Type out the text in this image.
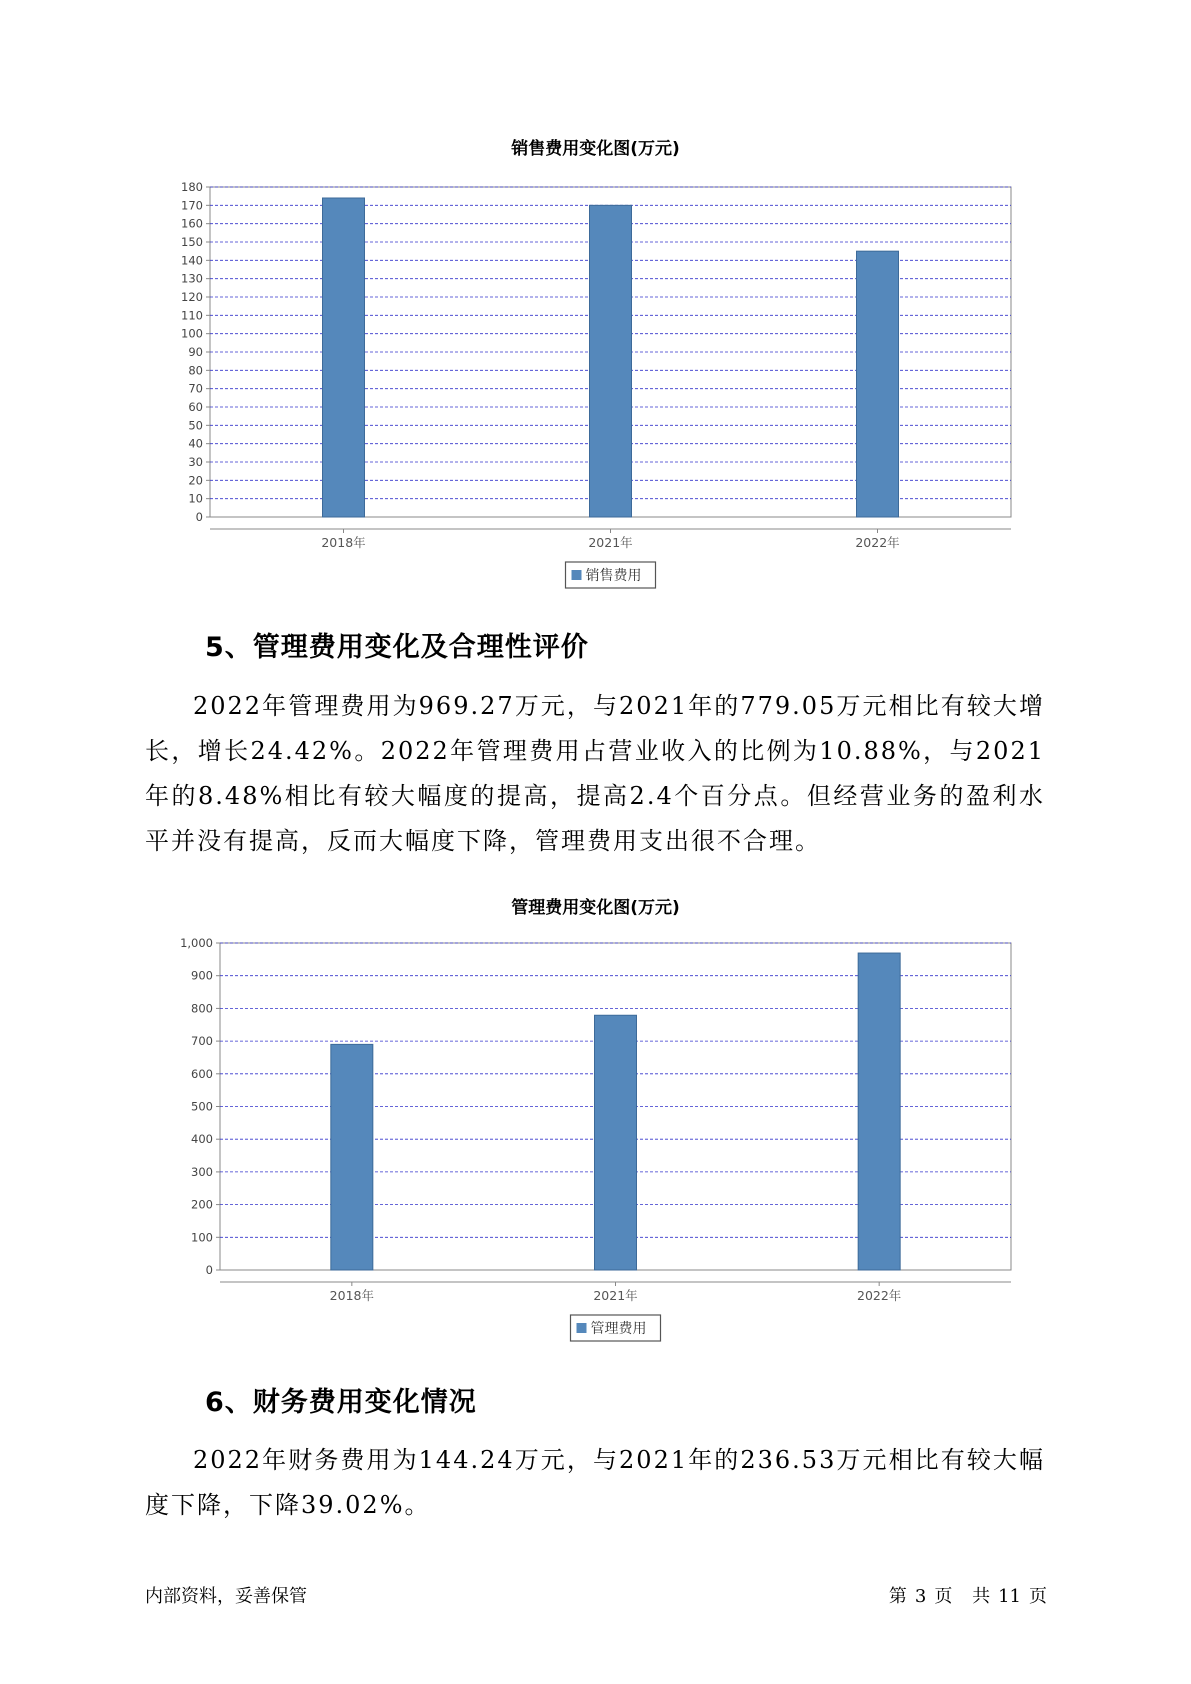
销售费用变化图(万元)
0
10
20
30
40
50
60
70
80
90
100
110
120
130
140
150
160
170
180
2018年	2021年	2022年
销售费用
5、管理费用变化及合理性评价

2022年管理费用为969.27万元，与2021年的779.05万元相比有较大增长，增长24.42%。2022年管理费用占营业收入的比例为10.88%，与2021年的8.48%相比有较大幅度的提高，提高2.4个百分点。但经营业务的盈利水平并没有提高，反而大幅度下降，管理费用支出很不合理。

管理费用变化图(万元)
0
100
200
300
400
500
600
700
800
900
1,000
2018年	2021年	2022年
管理费用
6、财务费用变化情况

2022年财务费用为144.24万元，与2021年的236.53万元相比有较大幅度下降，下降39.02%。

内部资料，妥善保管	第 3 页 共 11 页
